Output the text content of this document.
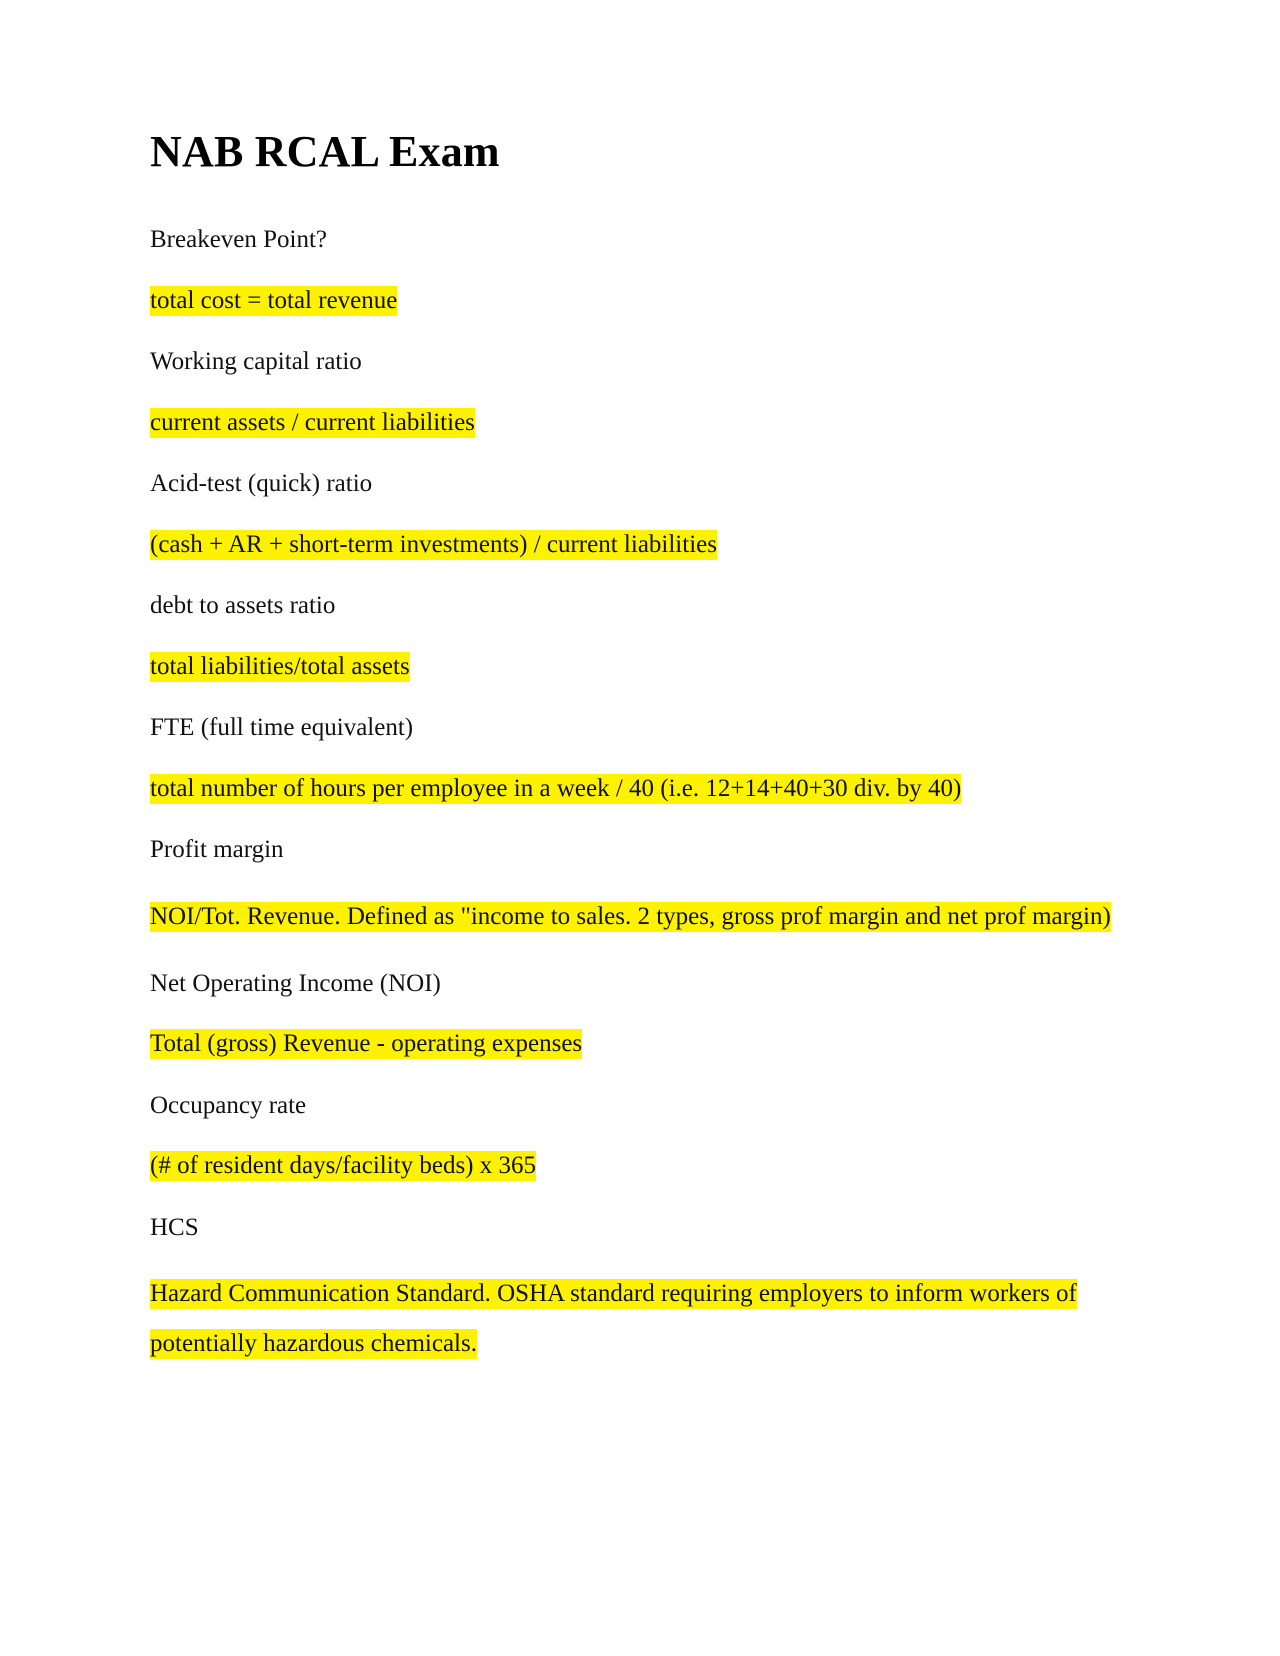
NAB RCAL Exam

Breakeven Point?

total cost = total revenue

Working capital ratio

current assets / current liabilities

Acid-test (quick) ratio

(cash + AR + short-term investments) / current liabilities

debt to assets ratio

total liabilities/total assets

FTE (full time equivalent)

total number of hours per employee in a week / 40 (i.e. 12+14+40+30 div. by 40)

Profit margin

NOI/Tot. Revenue. Defined as "income to sales. 2 types, gross prof margin and net prof margin)

Net Operating Income (NOI)

Total (gross) Revenue - operating expenses

Occupancy rate

(# of resident days/facility beds) x 365

HCS

Hazard Communication Standard. OSHA standard requiring employers to inform workers of potentially hazardous chemicals.
